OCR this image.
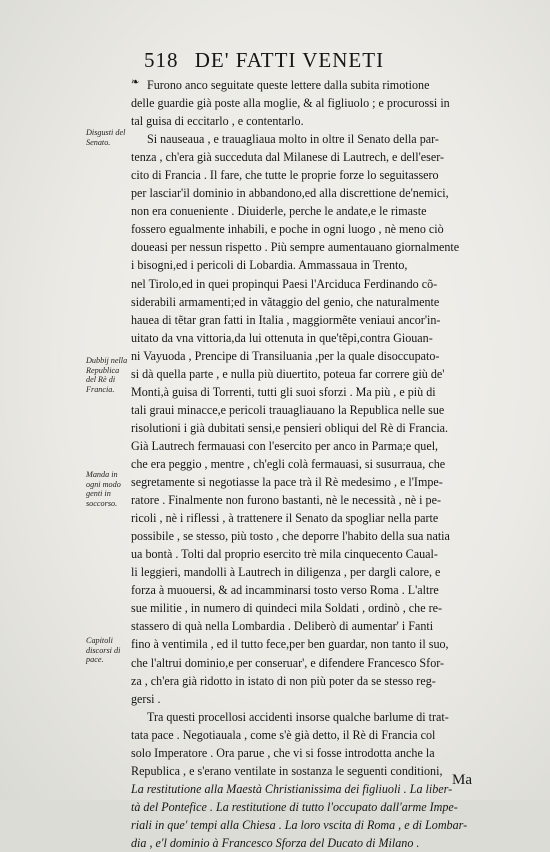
518 DE' FATTI VENETI
❧
Disgusti del Senato.
Dubbij nella Republica del Rè di Francia.
Manda in ogni modo genti in soccorso.
Capitoli discorsi di pace.
Furono anco seguitate queste lettere dalla subita rimotione
delle guardie già poste alla moglie, & al figliuolo ; e procurossi in
tal guisa di eccitarlo , e contentarlo.
Si nauseaua , e trauagliaua molto in oltre il Senato della par-
tenza , ch'era già succeduta dal Milanese di Lautrech, e dell'eser-
cito di Francia . Il fare, che tutte le proprie forze lo seguitassero
per lasciar'il dominio in abbandono,ed alla discrettione de'nemici,
non era conueniente . Diuiderle, perche le andate,e le rimaste
fossero egualmente inhabili, e poche in ogni luogo , nè meno ciò
doueasi per nessun rispetto . Più sempre aumentauano giornalmente
i bisogni,ed i pericoli di Lobardia. Ammassaua in Trento,
nel Tirolo,ed in quei propinqui Paesi l'Arciduca Ferdinando cõ-
siderabili armamenti;ed in vãtaggio del genio, che naturalmente
hauea di tẽtar gran fatti in Italia , maggiormẽte veniaui ancor'in-
uitato da vna vittoria,da lui ottenuta in que'tẽpi,contra Giouan-
ni Vayuoda , Prencipe di Transiluania ,per la quale disoccupato-
si dà quella parte , e nulla più diuertito, poteua far correre giù de'
Monti,à guisa di Torrenti, tutti gli suoi sforzi . Ma più , e più di
tali graui minacce,e pericoli trauagliauano la Republica nelle sue
risolutioni i già dubitati sensi,e pensieri obliqui del Rè di Francia.
Già Lautrech fermauasi con l'esercito per anco in Parma;e quel,
che era peggio , mentre , ch'egli colà fermauasi, si susurraua, che
segretamente si negotiasse la pace trà il Rè medesimo , e l'Impe-
ratore . Finalmente non furono bastanti, nè le necessità , nè i pe-
ricoli , nè i riflessi , à trattenere il Senato da spogliar nella parte
possibile , se stesso, più tosto , che deporre l'habito della sua natia
ua bontà . Tolti dal proprio esercito trè mila cinquecento Caual-
li leggieri, mandolli à Lautrech in diligenza , per dargli calore, e
forza à muouersi, & ad incamminarsi tosto verso Roma . L'altre
sue militie , in numero di quindeci mila Soldati , ordinò , che re-
stassero di quà nella Lombardia . Deliberò di aumentar' i Fanti
fino à ventimila , ed il tutto fece,per ben guardar, non tanto il suo,
che l'altrui dominio,e per conseruar', e difendere Francesco Sfor-
za , ch'era già ridotto in istato di non più poter da se stesso reg-
gersi .
Tra questi procellosi accidenti insorse qualche barlume di trat-
tata pace . Negotiauala , come s'è già detto, il Rè di Francia col
solo Imperatore . Ora parue , che vi si fosse introdotta anche la
Republica , e s'erano ventilate in sostanza le seguenti conditioni,
La restitutione alla Maestà Christianissima dei figliuoli . La liber-
tà del Pontefice . La restitutione di tutto l'occupato dall'arme Impe-
riali in que' tempi alla Chiesa . La loro vscita di Roma , e di Lombar-
dia , e'l dominio à Francesco Sforza del Ducato di Milano .
Ma
